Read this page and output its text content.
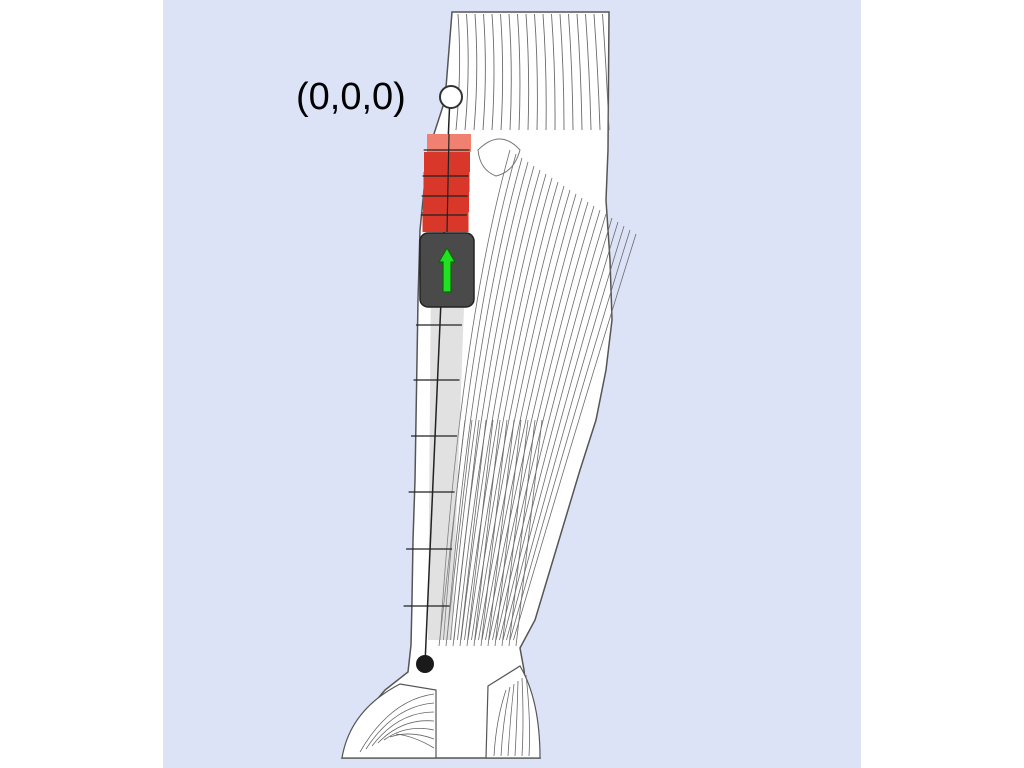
(0,0,0)
